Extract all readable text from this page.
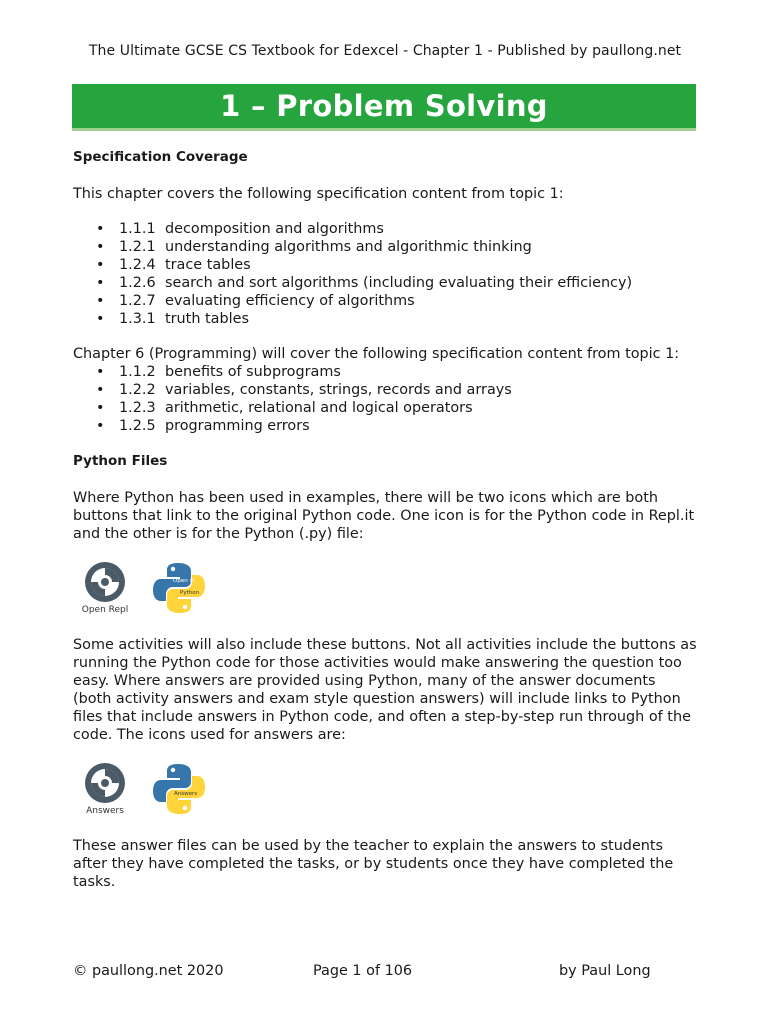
The Ultimate GCSE CS Textbook for Edexcel - Chapter 1 - Published by paullong.net
1 – Problem Solving
Specification Coverage

This chapter covers the following specification content from topic 1:

• 1.1.1 decomposition and algorithms
• 1.2.1 understanding algorithms and algorithmic thinking
• 1.2.4 trace tables
• 1.2.6 search and sort algorithms (including evaluating their efficiency)
• 1.2.7 evaluating efficiency of algorithms
• 1.3.1 truth tables

Chapter 6 (Programming) will cover the following specification content from topic 1:

• 1.1.2 benefits of subprograms
• 1.2.2 variables, constants, strings, records and arrays
• 1.2.3 arithmetic, relational and logical operators
• 1.2.5 programming errors
Python Files

Where Python has been used in examples, there will be two icons which are both buttons that link to the original Python code. One icon is for the Python code in Repl.it and the other is for the Python (.py) file:

Open Repl
Open in
Python

Some activities will also include these buttons. Not all activities include the buttons as running the Python code for those activities would make answering the question too easy. Where answers are provided using Python, many of the answer documents (both activity answers and exam style question answers) will include links to Python files that include answers in Python code, and often a step-by-step run through of the code. The icons used for answers are:

Answers
Answers

These answer files can be used by the teacher to explain the answers to students after they have completed the tasks, or by students once they have completed the tasks.

© paullong.net 2020	Page 1 of 106	by Paul Long
